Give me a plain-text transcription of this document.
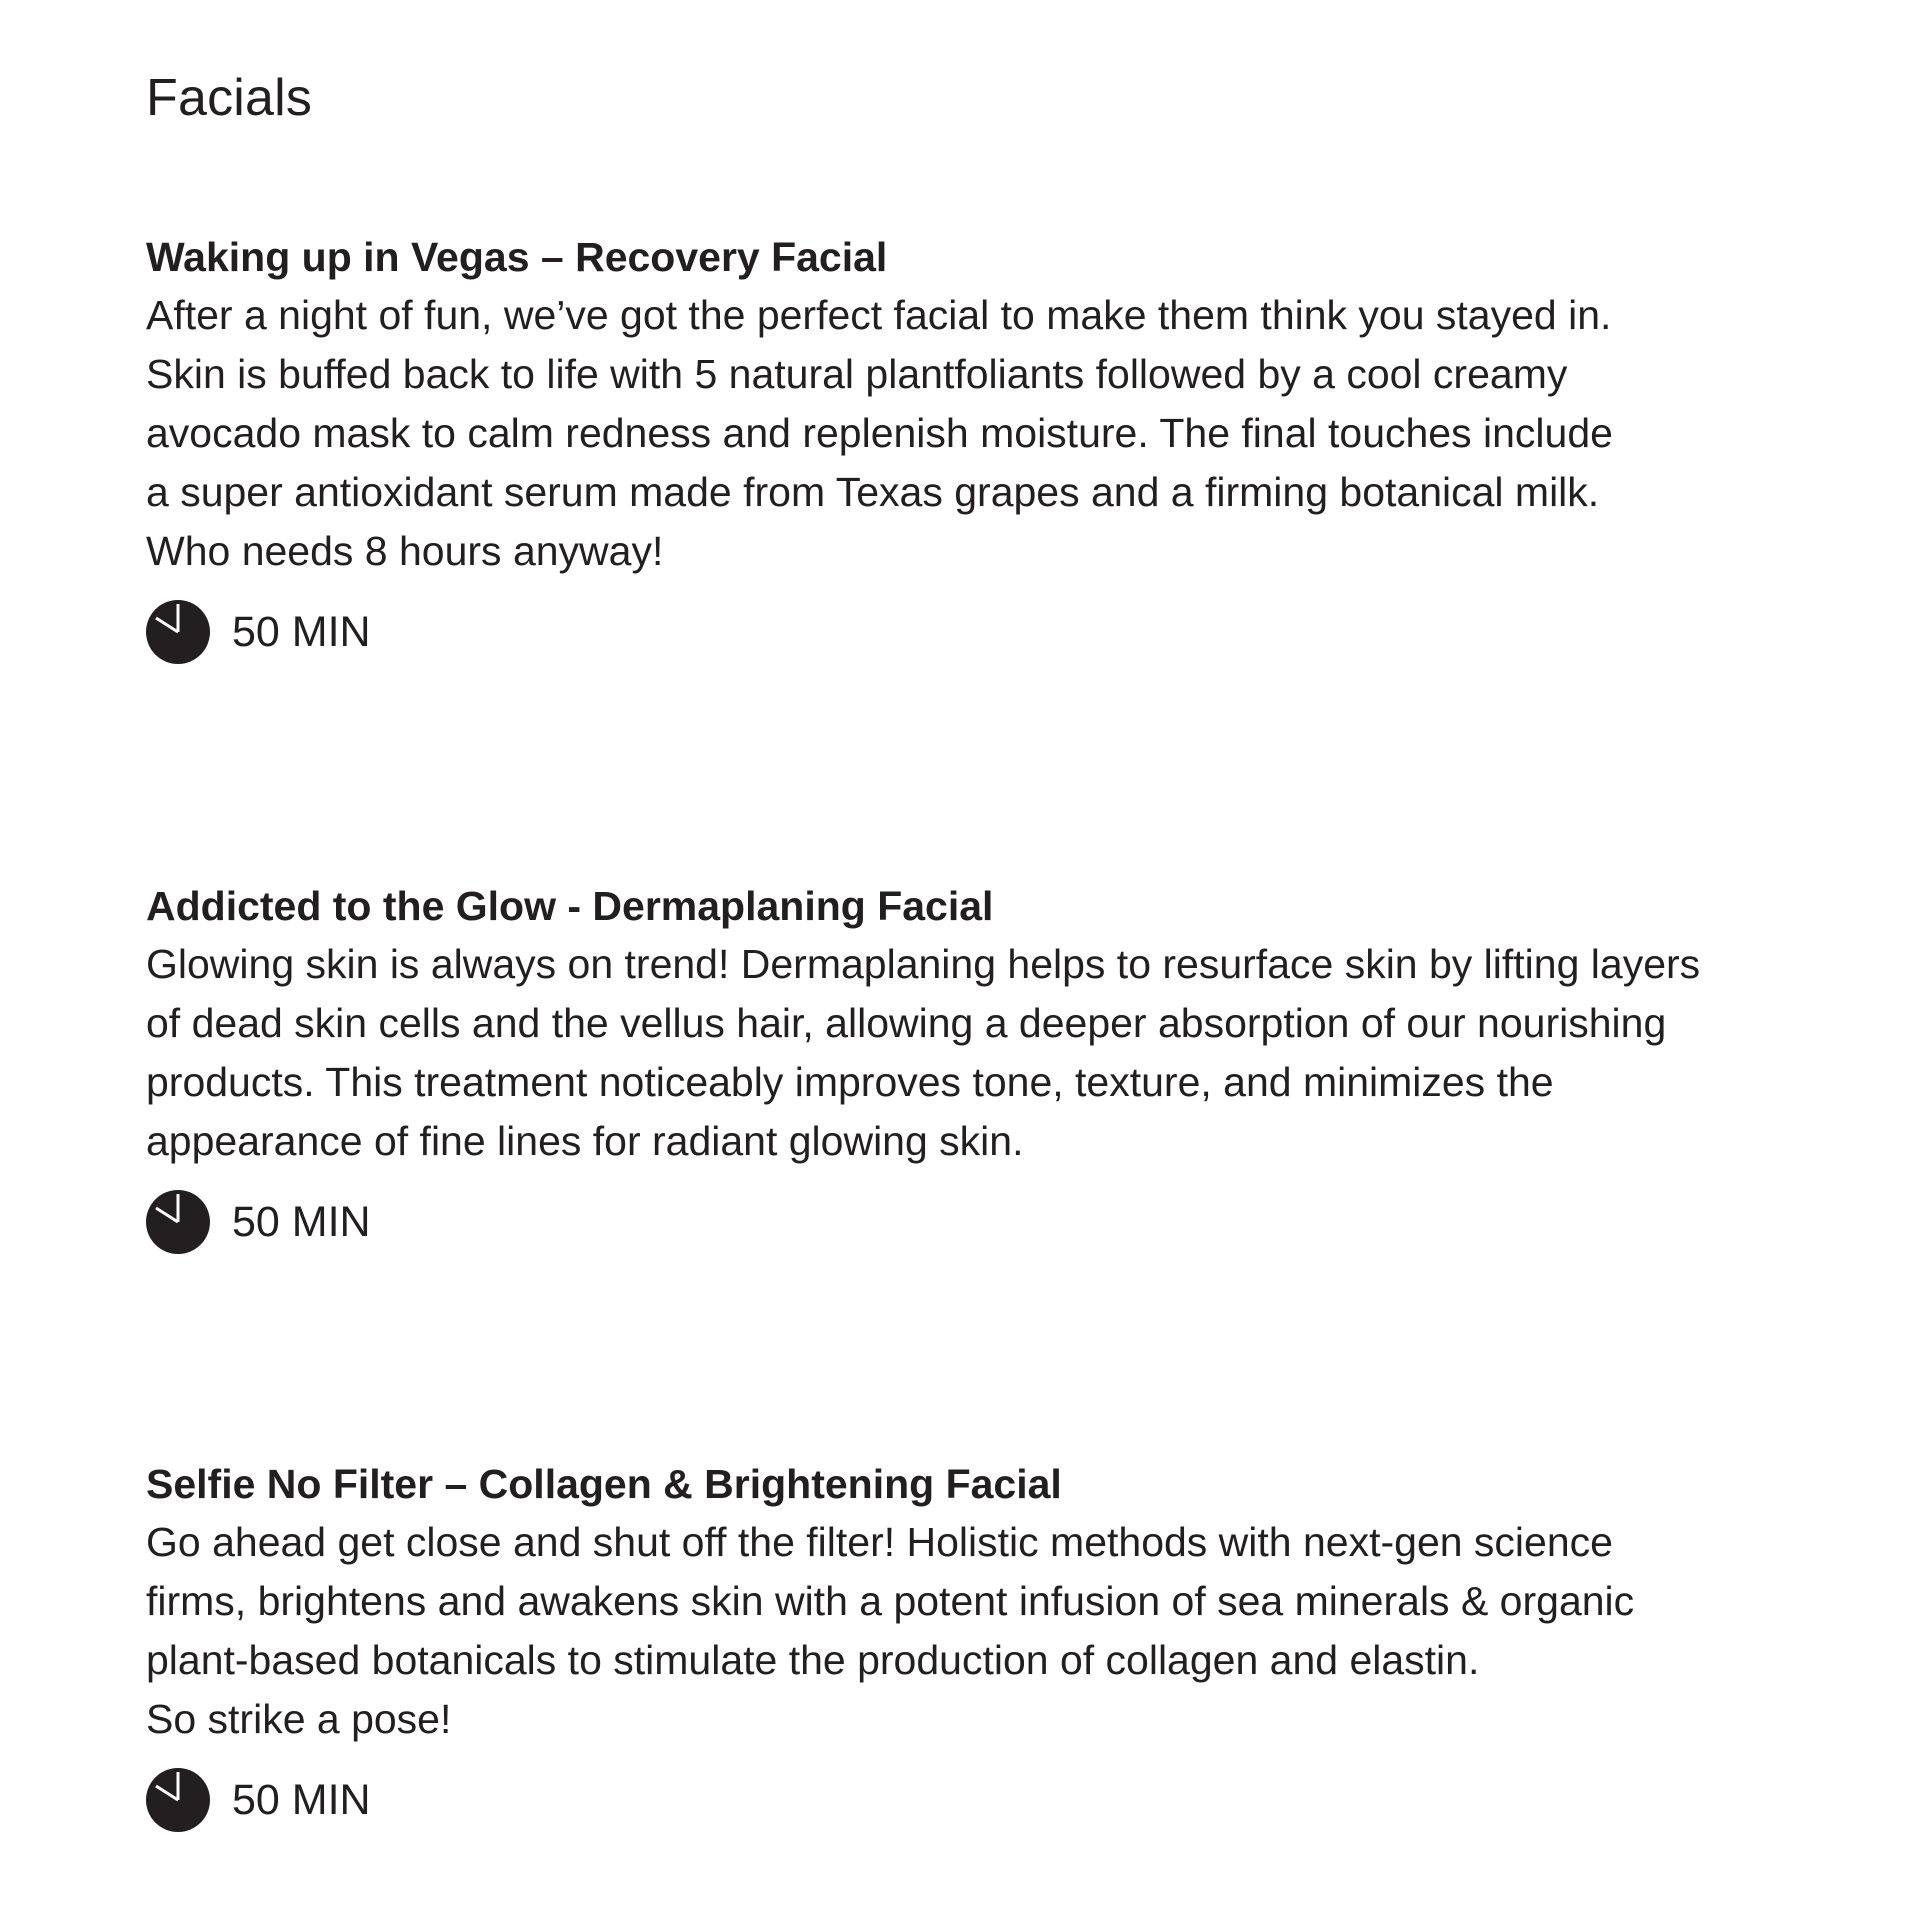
Facials
Waking up in Vegas – Recovery Facial

After a night of fun, we’ve got the perfect facial to make them think you stayed in.
Skin is buffed back to life with 5 natural plantfoliants followed by a cool creamy
avocado mask to calm redness and replenish moisture. The final touches include
a super antioxidant serum made from Texas grapes and a firming botanical milk.
Who needs 8 hours anyway!

50 MIN
Addicted to the Glow - Dermaplaning Facial

Glowing skin is always on trend! Dermaplaning helps to resurface skin by lifting layers
of dead skin cells and the vellus hair, allowing a deeper absorption of our nourishing
products. This treatment noticeably improves tone, texture, and minimizes the
appearance of fine lines for radiant glowing skin.

50 MIN
Selfie No Filter – Collagen & Brightening Facial

Go ahead get close and shut off the filter! Holistic methods with next-gen science
firms, brightens and awakens skin with a potent infusion of sea minerals & organic
plant-based botanicals to stimulate the production of collagen and elastin.
So strike a pose!

50 MIN
